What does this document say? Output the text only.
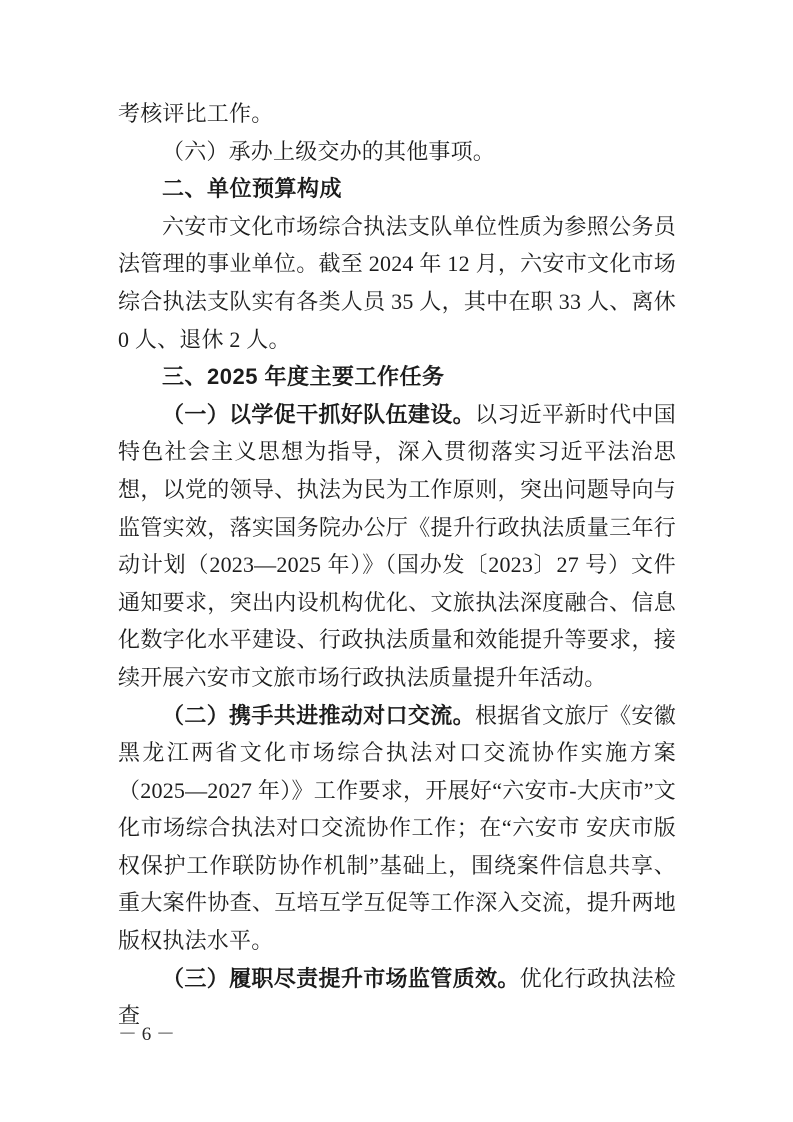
考核评比工作。

（六）承办上级交办的其他事项。

二、单位预算构成

六安市文化市场综合执法支队单位性质为参照公务员法管理的事业单位。截至 2024 年 12 月，六安市文化市场综合执法支队实有各类人员 35 人，其中在职 33 人、离休 0 人、退休 2 人。

三、2025 年度主要工作任务

（一）以学促干抓好队伍建设。以习近平新时代中国特色社会主义思想为指导，深入贯彻落实习近平法治思想，以党的领导、执法为民为工作原则，突出问题导向与监管实效，落实国务院办公厅《提升行政执法质量三年行动计划（2023—2025 年）》（国办发〔2023〕27 号）文件通知要求，突出内设机构优化、文旅执法深度融合、信息化数字化水平建设、行政执法质量和效能提升等要求，接续开展六安市文旅市场行政执法质量提升年活动。

（二）携手共进推动对口交流。根据省文旅厅《安徽黑龙江两省文化市场综合执法对口交流协作实施方案（2025—2027 年）》工作要求，开展好“六安市-大庆市”文化市场综合执法对口交流协作工作；在“六安市 安庆市版权保护工作联防协作机制”基础上，围绕案件信息共享、重大案件协查、互培互学互促等工作深入交流，提升两地版权执法水平。

（三）履职尽责提升市场监管质效。优化行政执法检查

－ 6 －
